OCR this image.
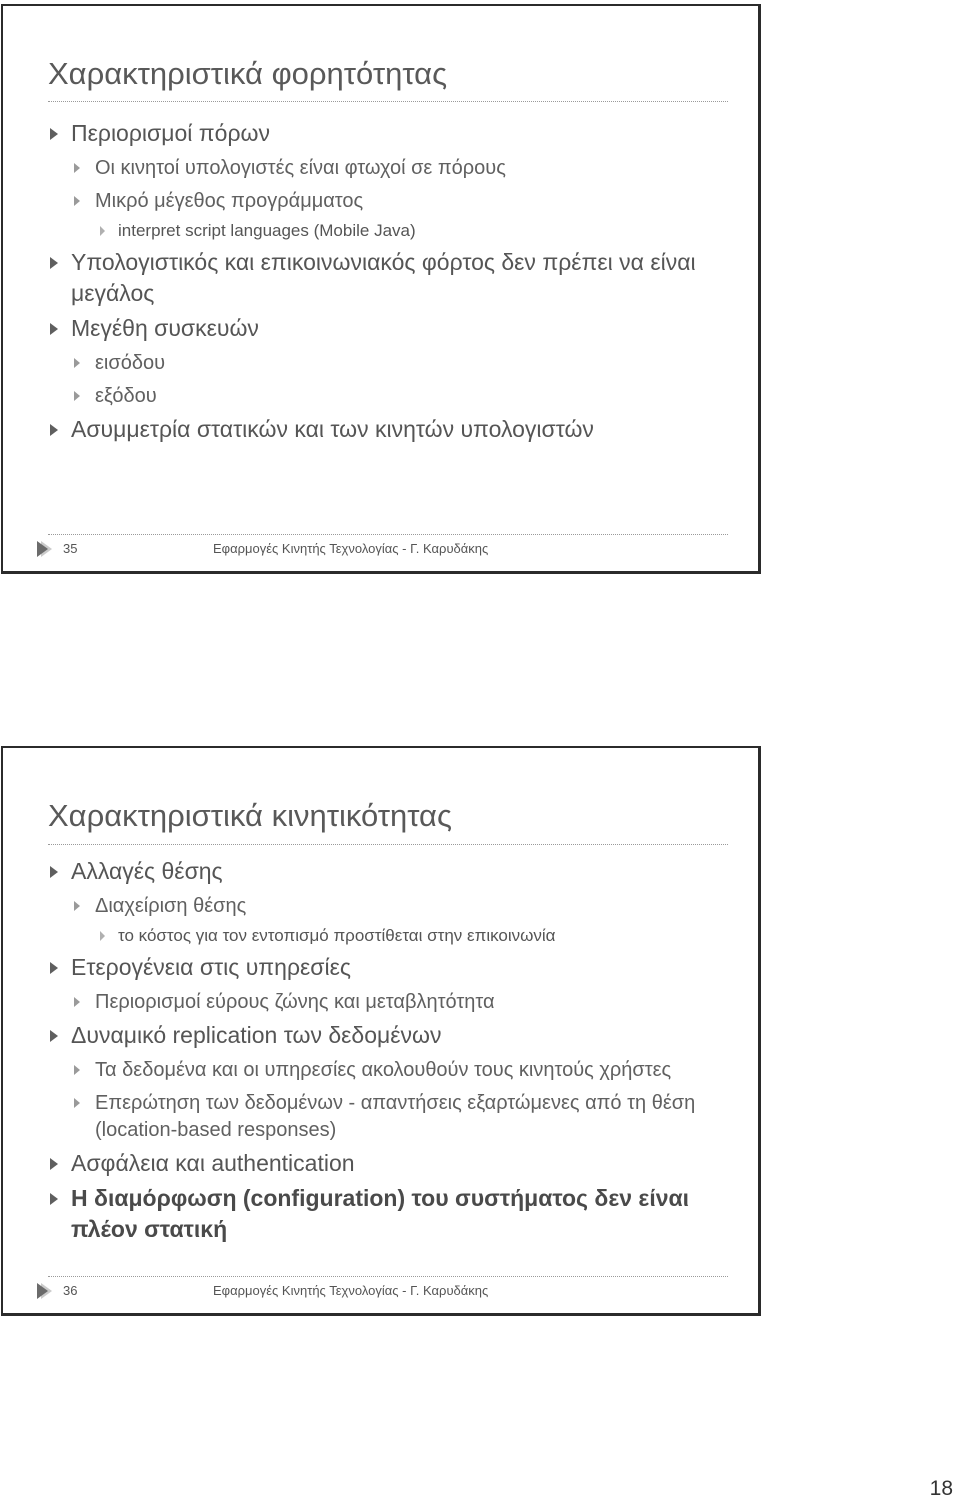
Χαρακτηριστικά φορητότητας
Περιορισμοί πόρων
Οι κινητοί υπολογιστές είναι φτωχοί σε πόρους
Μικρό μέγεθος προγράμματος
interpret script languages (Mobile Java)
Υπολογιστικός και επικοινωνιακός φόρτος δεν πρέπει να είναι μεγάλος
Μεγέθη συσκευών
εισόδου
εξόδου
Ασυμμετρία στατικών και των κινητών υπολογιστών
35	Εφαρμογές Κινητής Τεχνολογίας - Γ. Καρυδάκης
Χαρακτηριστικά κινητικότητας
Αλλαγές θέσης
Διαχείριση θέσης
το κόστος για τον εντοπισμό προστίθεται στην επικοινωνία
Ετερογένεια στις υπηρεσίες
Περιορισμοί εύρους ζώνης και μεταβλητότητα
Δυναμικό replication των δεδομένων
Τα δεδομένα και οι υπηρεσίες ακολουθούν τους κινητούς χρήστες
Επερώτηση των δεδομένων - απαντήσεις εξαρτώμενες από τη θέση (location-based responses)
Ασφάλεια και authentication
Η διαμόρφωση (configuration) του συστήματος δεν είναι πλέον στατική
36	Εφαρμογές Κινητής Τεχνολογίας - Γ. Καρυδάκης
18
